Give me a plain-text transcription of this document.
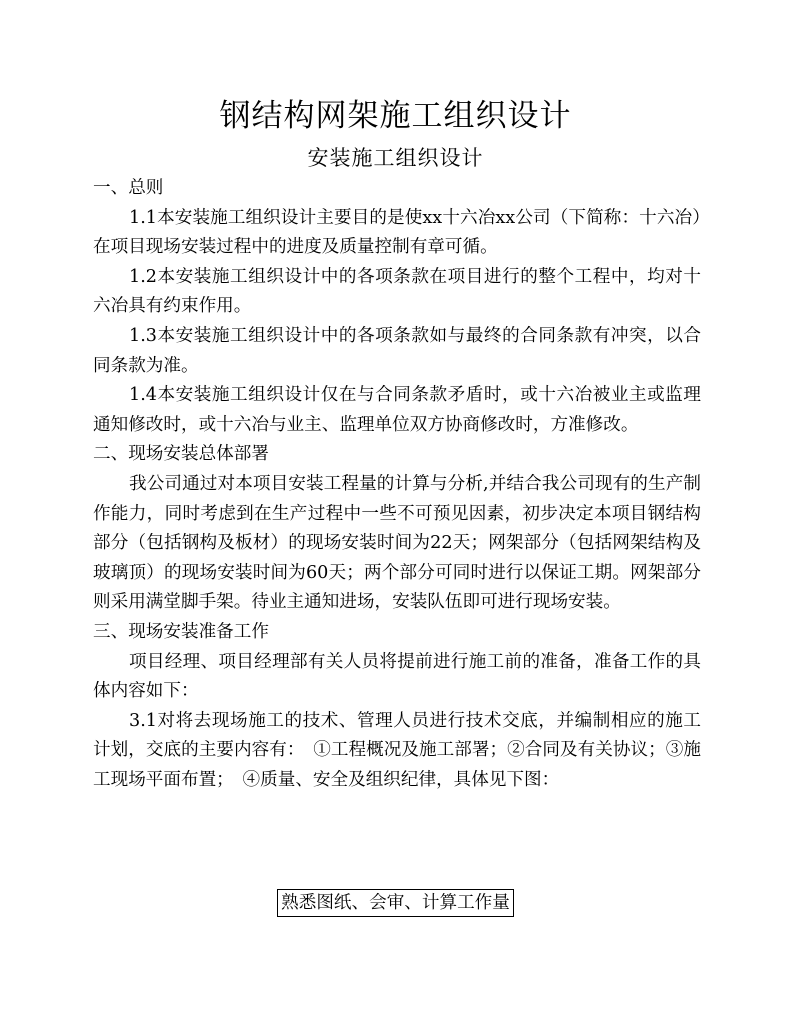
钢结构网架施工组织设计
安装施工组织设计

一、总则

1.1本安装施工组织设计主要目的是使xx十六冶xx公司（下简称：十六冶）在项目现场安装过程中的进度及质量控制有章可循。

1.2本安装施工组织设计中的各项条款在项目进行的整个工程中，均对十六冶具有约束作用。

1.3本安装施工组织设计中的各项条款如与最终的合同条款有冲突，以合同条款为准。

1.4本安装施工组织设计仅在与合同条款矛盾时，或十六冶被业主或监理通知修改时，或十六冶与业主、监理单位双方协商修改时，方准修改。

二、现场安装总体部署

我公司通过对本项目安装工程量的计算与分析,并结合我公司现有的生产制作能力，同时考虑到在生产过程中一些不可预见因素，初步决定本项目钢结构部分（包括钢构及板材）的现场安装时间为22天；网架部分（包括网架结构及玻璃顶）的现场安装时间为60天；两个部分可同时进行以保证工期。网架部分则采用满堂脚手架。待业主通知进场，安装队伍即可进行现场安装。

三、现场安装准备工作

项目经理、项目经理部有关人员将提前进行施工前的准备，准备工作的具体内容如下：

3.1对将去现场施工的技术、管理人员进行技术交底，并编制相应的施工计划，交底的主要内容有：　①工程概况及施工部署；②合同及有关协议；③施工现场平面布置；　④质量、安全及组织纪律，具体见下图：

熟悉图纸、会审、计算工作量
